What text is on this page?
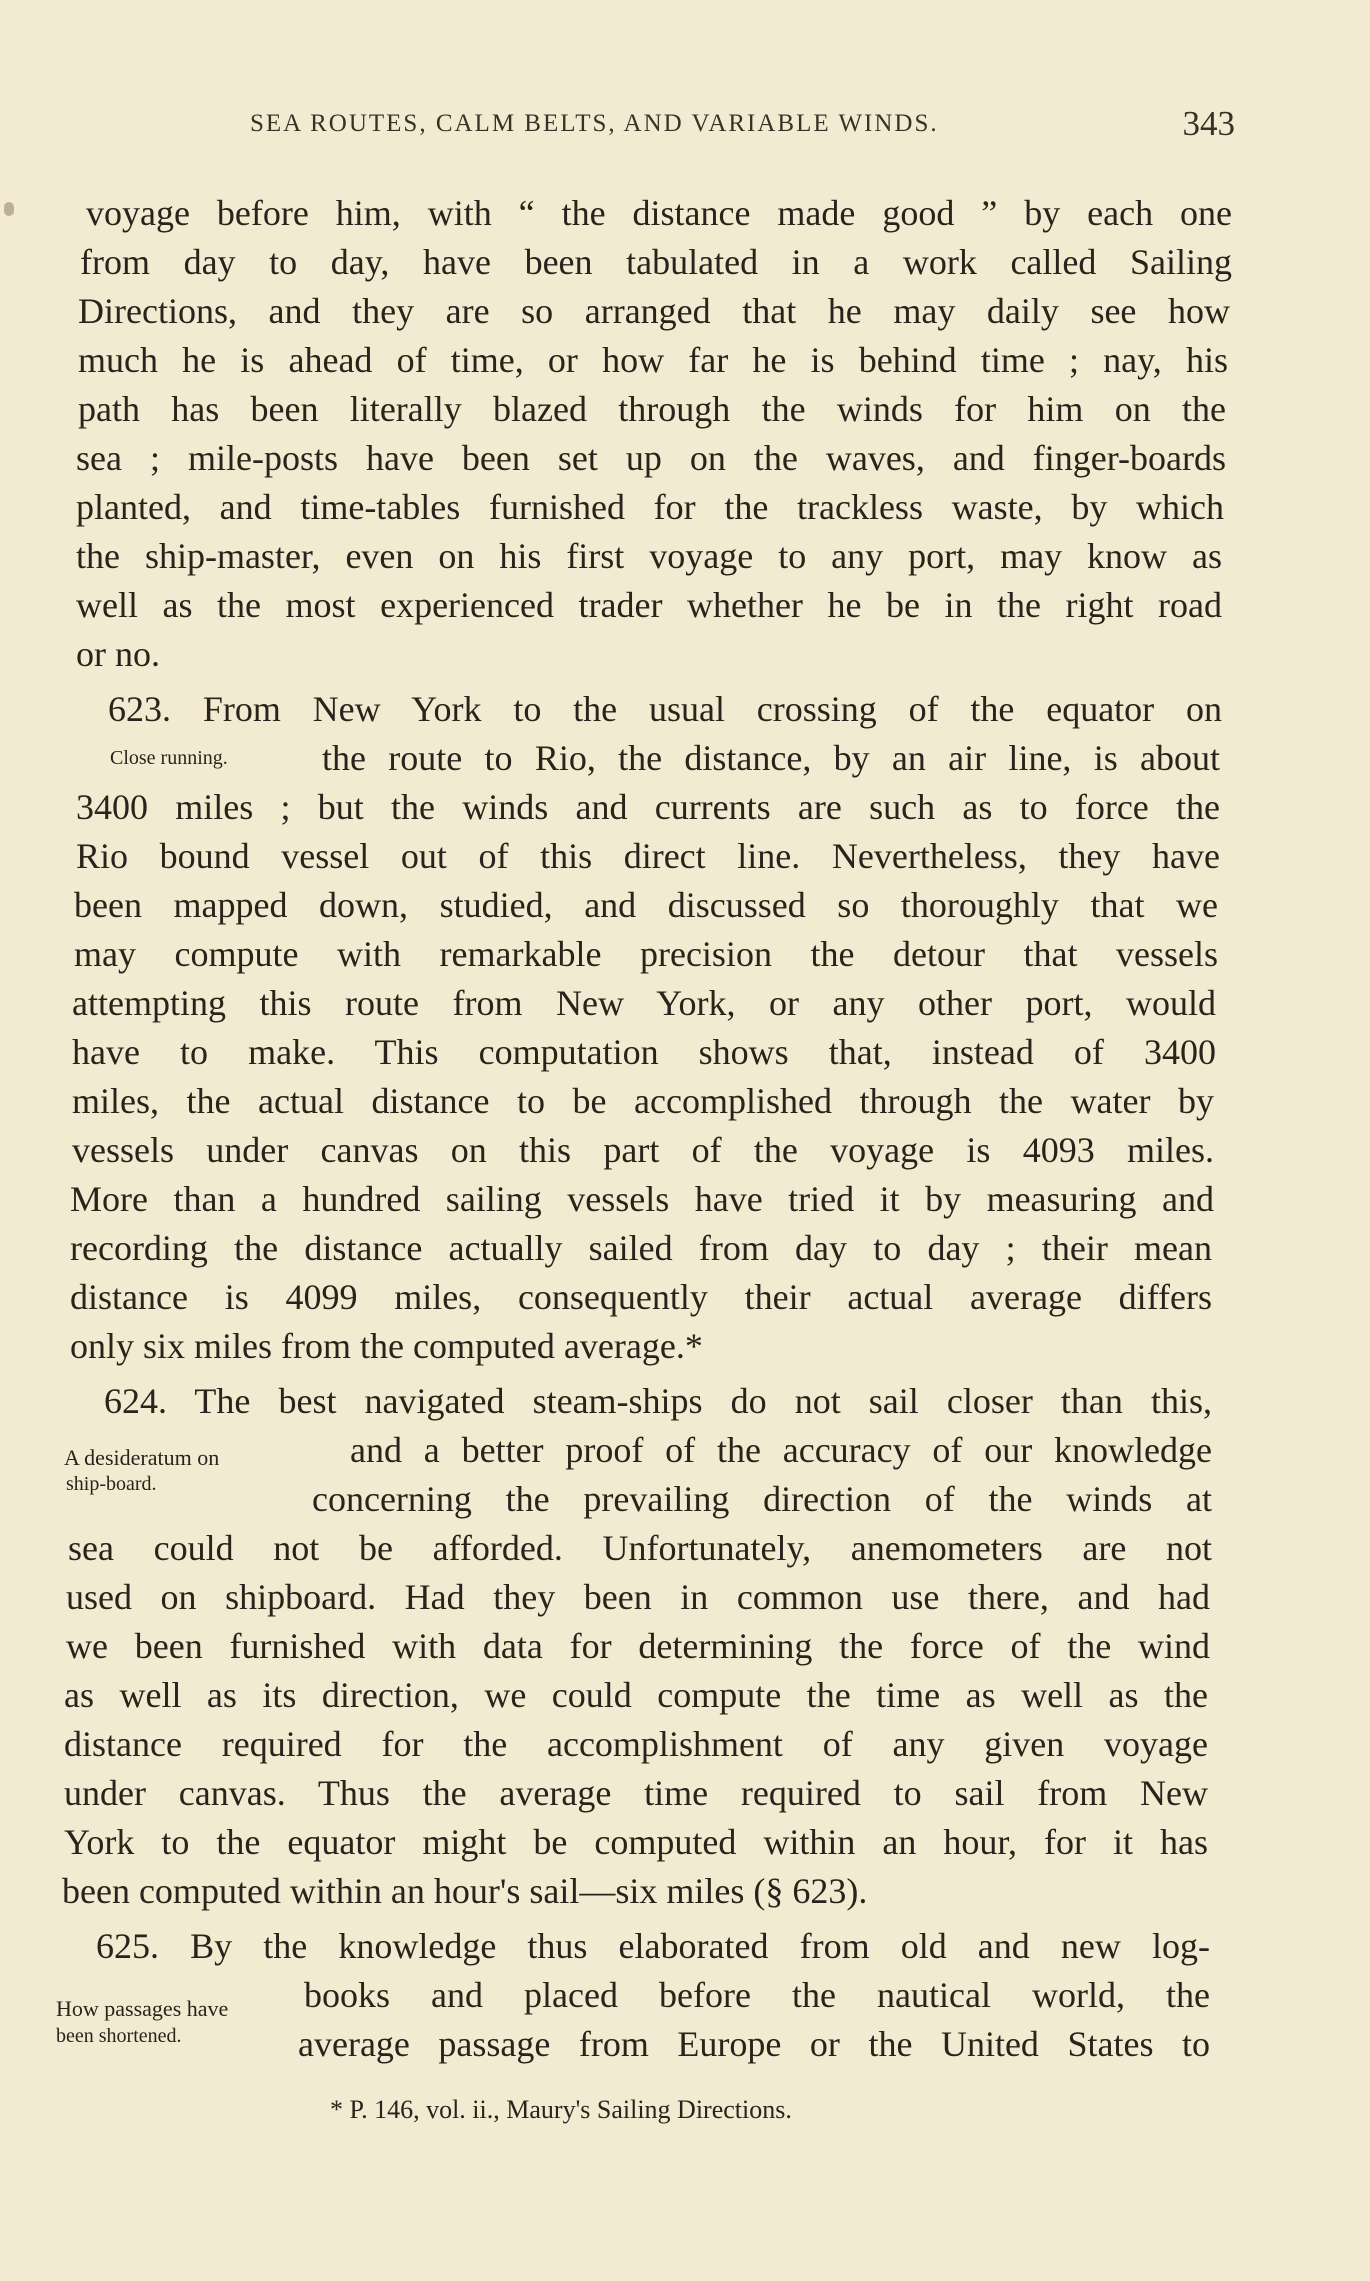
SEA ROUTES, CALM BELTS, AND VARIABLE WINDS.	343
voyage before him, with “ the distance made good ” by each one
from day to day, have been tabulated in a work called Sailing
Directions, and they are so arranged that he may daily see how
much he is ahead of time, or how far he is behind time ; nay, his
path has been literally blazed through the winds for him on the
sea ; mile-posts have been set up on the waves, and finger-boards
planted, and time-tables furnished for the trackless waste, by which
the ship-master, even on his first voyage to any port, may know as
well as the most experienced trader whether he be in the right road
or no.
623. From New York to the usual crossing of the equator on
the route to Rio, the distance, by an air line, is about
3400 miles ; but the winds and currents are such as to force the
Rio bound vessel out of this direct line. Nevertheless, they have
been mapped down, studied, and discussed so thoroughly that we
may compute with remarkable precision the detour that vessels
attempting this route from New York, or any other port, would
have to make. This computation shows that, instead of 3400
miles, the actual distance to be accomplished through the water by
vessels under canvas on this part of the voyage is 4093 miles.
More than a hundred sailing vessels have tried it by measuring and
recording the distance actually sailed from day to day ; their mean
distance is 4099 miles, consequently their actual average differs
only six miles from the computed average.*
624. The best navigated steam-ships do not sail closer than this,
and a better proof of the accuracy of our knowledge
concerning the prevailing direction of the winds at
sea could not be afforded. Unfortunately, anemometers are not
used on shipboard. Had they been in common use there, and had
we been furnished with data for determining the force of the wind
as well as its direction, we could compute the time as well as the
distance required for the accomplishment of any given voyage
under canvas. Thus the average time required to sail from New
York to the equator might be computed within an hour, for it has
been computed within an hour's sail—six miles (§ 623).
625. By the knowledge thus elaborated from old and new log-
books and placed before the nautical world, the
average passage from Europe or the United States to
Close running.
A desideratum on
ship-board.
How passages have
been shortened.
* P. 146, vol. ii., Maury's Sailing Directions.
